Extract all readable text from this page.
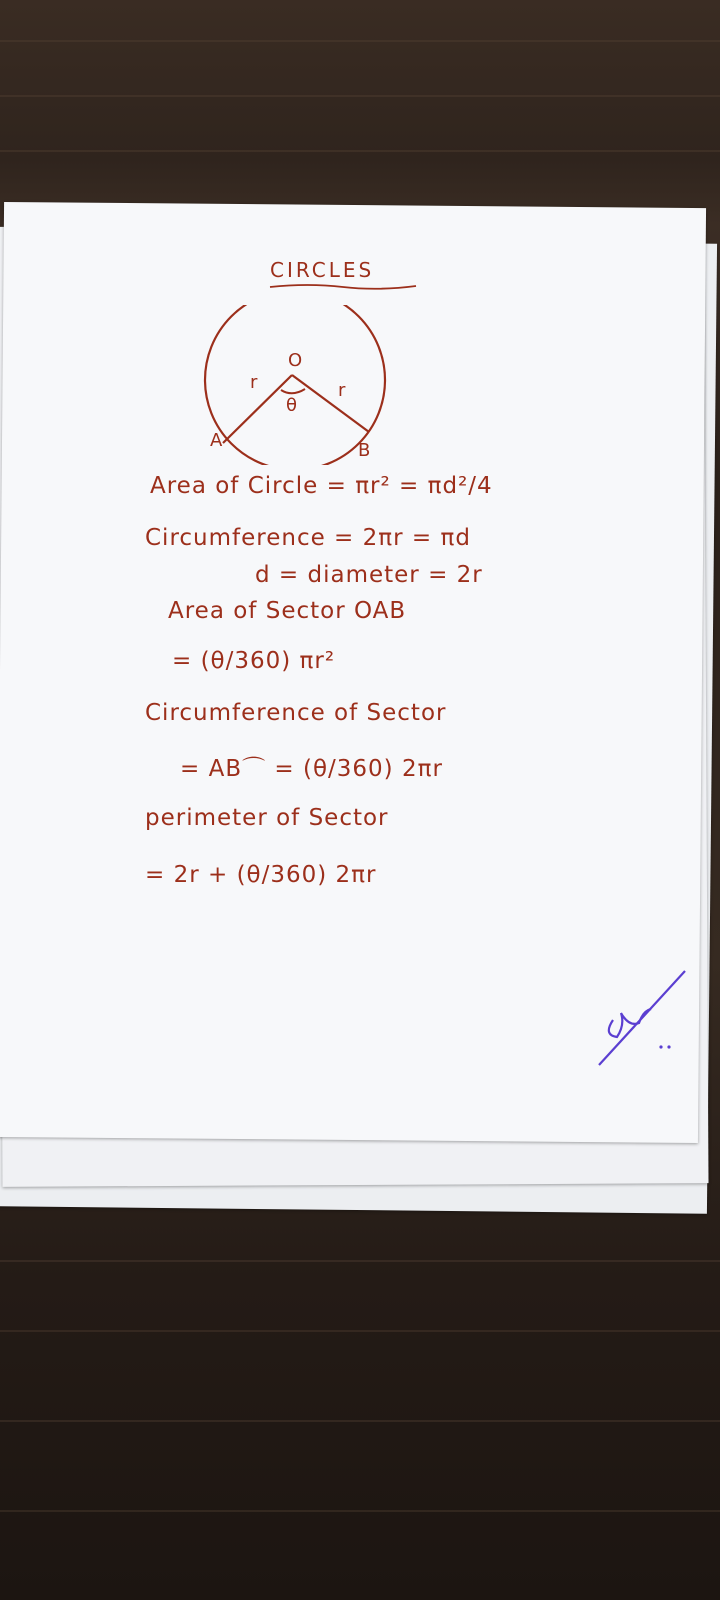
O
θ
r	r
A	B
CIRCLES
Area of Circle = πr² = πd²/4
Circumference = 2πr = πd
d = diameter = 2r
Area of Sector OAB
= (θ/360) πr²
Circumference of Sector
= AB⌒ = (θ/360) 2πr
perimeter of Sector
= 2r + (θ/360) 2πr
